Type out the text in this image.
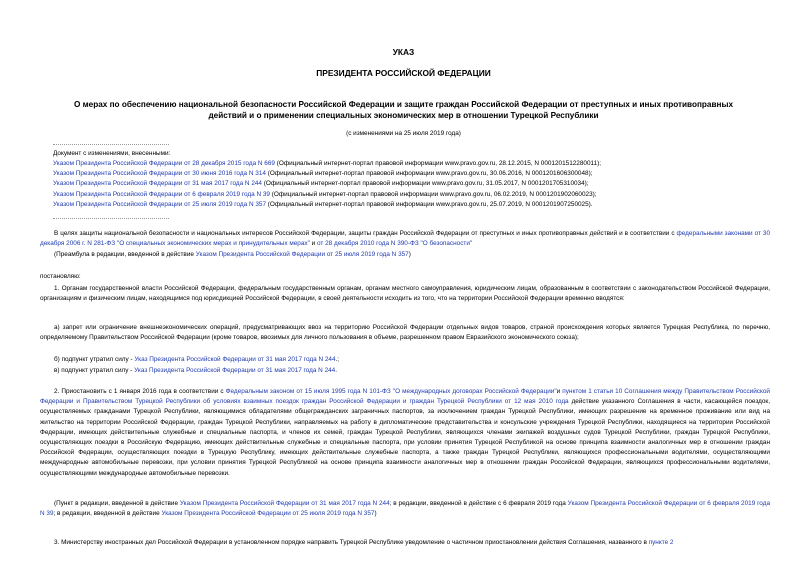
УКАЗ
ПРЕЗИДЕНТА РОССИЙСКОЙ ФЕДЕРАЦИИ
О мерах по обеспечению национальной безопасности Российской Федерации и защите граждан Российской Федерации от преступных и иных противоправных
действий и о применении специальных экономических мер в отношении Турецкой Республики
(с изменениями на 25 июля 2019 года)
Документ с изменениями, внесенными:
Указом Президента Российской Федерации от 28 декабря 2015 года N 669 (Официальный интернет-портал правовой информации www.pravo.gov.ru, 28.12.2015, N 0001201512280011);
Указом Президента Российской Федерации от 30 июня 2016 года N 314 (Официальный интернет-портал правовой информации www.pravo.gov.ru, 30.06.2016, N 0001201606300048);
Указом Президента Российской Федерации от 31 мая 2017 года N 244 (Официальный интернет-портал правовой информации www.pravo.gov.ru, 31.05.2017, N 0001201705310034);
Указом Президента Российской Федерации от 6 февраля 2019 года N 39 (Официальный интернет-портал правовой информации www.pravo.gov.ru, 06.02.2019, N 0001201902060023);
Указом Президента Российской Федерации от 25 июля 2019 года N 357 (Официальный интернет-портал правовой информации www.pravo.gov.ru, 25.07.2019, N 0001201907250025).
В целях защиты национальной безопасности и национальных интересов Российской Федерации, защиты граждан Российской Федерации от преступных и иных противоправных действий и в соответствии с федеральными законами от 30 декабря 2006 г. N 281-ФЗ "О специальных экономических мерах и принудительных мерах" и от 28 декабря 2010 года N 390-ФЗ "О безопасности"
(Преамбула в редакции, введенной в действие Указом Президента Российской Федерации от 25 июля 2019 года N 357)
постановляю:
1. Органам государственной власти Российской Федерации, федеральным государственным органам, органам местного самоуправления, юридическим лицам, образованным в соответствии с законодательством Российской Федерации, организациям и физическим лицам, находящимся под юрисдикцией Российской Федерации, в своей деятельности исходить из того, что на территории Российской Федерации временно вводятся:
а) запрет или ограничение внешнеэкономических операций, предусматривающих ввоз на территорию Российской Федерации отдельных видов товаров, страной происхождения которых является Турецкая Республика, по перечню, определяемому Правительством Российской Федерации (кроме товаров, ввозимых для личного пользования в объеме, разрешенном правом Евразийского экономического союза);
б) подпункт утратил силу - Указ Президента Российской Федерации от 31 мая 2017 года N 244.;
в) подпункт утратил силу - Указ Президента Российской Федерации от 31 мая 2017 года N 244.
2. Приостановить с 1 января 2016 года в соответствии с Федеральным законом от 15 июля 1995 года N 101-ФЗ "О международных договорах Российской Федерации"и пунктом 1 статьи 10 Соглашения между Правительством Российской Федерации и Правительством Турецкой Республики об условиях взаимных поездок граждан Российской Федерации и граждан Турецкой Республики от 12 мая 2010 года действие указанного Соглашения в части, касающейся поездок, осуществляемых гражданами Турецкой Республики, являющимися обладателями общегражданских заграничных паспортов, за исключением граждан Турецкой Республики, имеющих разрешение на временное проживание или вид на жительство на территории Российской Федерации, граждан Турецкой Республики, направляемых на работу в дипломатические представительства и консульские учреждения Турецкой Республики, находящиеся на территории Российской Федерации, имеющих действительные служебные и специальные паспорта, и членов их семей, граждан Турецкой Республики, являющихся членами экипажей воздушных судов Турецкой Республики, граждан Турецкой Республики, осуществляющих поездки в Российскую Федерацию, имеющих действительные служебные и специальные паспорта, при условии принятия Турецкой Республикой на основе принципа взаимности аналогичных мер в отношении граждан Российской Федерации, осуществляющих поездки в Турецкую Республику, имеющих действительные служебные паспорта, а также граждан Турецкой Республики, являющихся профессиональными водителями, осуществляющими международные автомобильные перевозки, при условии принятия Турецкой Республикой на основе принципа взаимности аналогичных мер в отношении граждан Российской Федерации, являющихся профессиональными водителями, осуществляющими международные автомобильные перевозки.
(Пункт в редакции, введенной в действие Указом Президента Российской Федерации от 31 мая 2017 года N 244; в редакции, введенной в действие с 6 февраля 2019 года Указом Президента Российской Федерации от 6 февраля 2019 года N 39; в редакции, введенной в действие Указом Президента Российской Федерации от 25 июля 2019 года N 357)
3. Министерству иностранных дел Российской Федерации в установленном порядке направить Турецкой Республике уведомление о частичном приостановлении действия Соглашения, названного в пункте 2
